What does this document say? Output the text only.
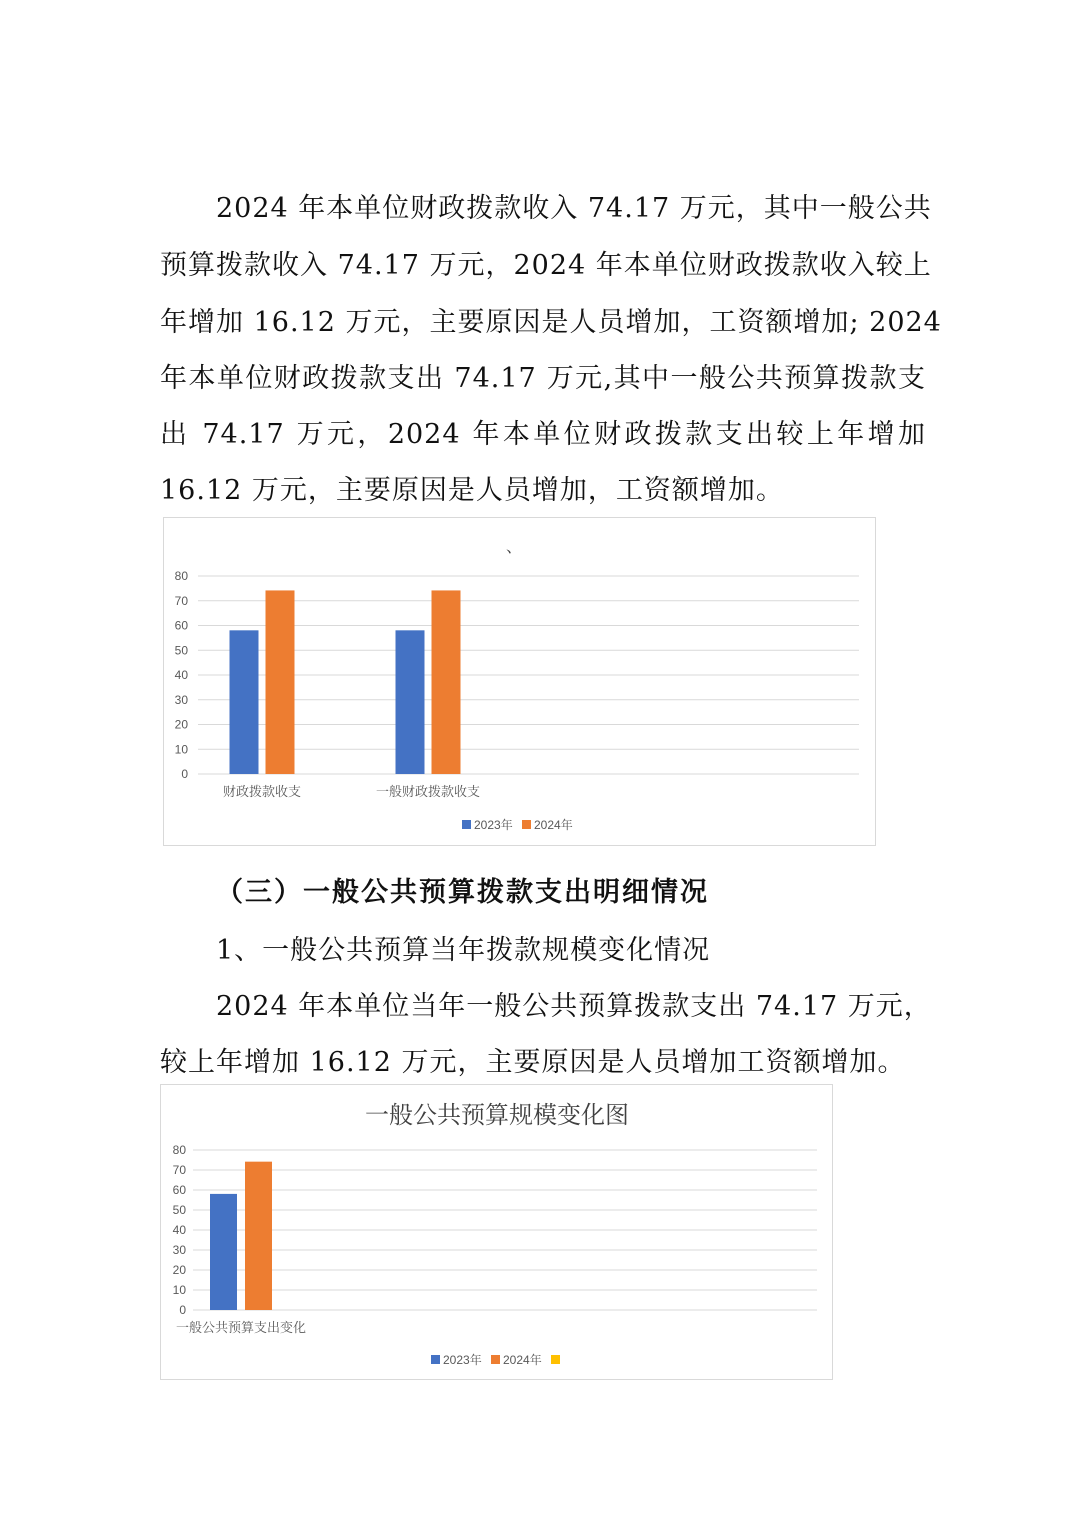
2024 年本单位财政拨款收入 74.17 万元，其中一般公共
预算拨款收入 74.17 万元，2024 年本单位财政拨款收入较上
年增加 16.12 万元，主要原因是人员增加，工资额增加; 2024
年本单位财政拨款支出 74.17 万元,其中一般公共预算拨款支
出 74.17 万元，2024 年本单位财政拨款支出较上年增加
16.12 万元，主要原因是人员增加，工资额增加。
、
0
10
20
30
40
50
60
70
80
财政拨款收支	一般财政拨款收支
2023年 2024年
（三）一般公共预算拨款支出明细情况
1、一般公共预算当年拨款规模变化情况
2024 年本单位当年一般公共预算拨款支出 74.17 万元，
较上年增加 16.12 万元，主要原因是人员增加工资额增加。
一般公共预算规模变化图
0
10
20
30
40
50
60
70
80
一般公共预算支出变化
2023年 2024年
